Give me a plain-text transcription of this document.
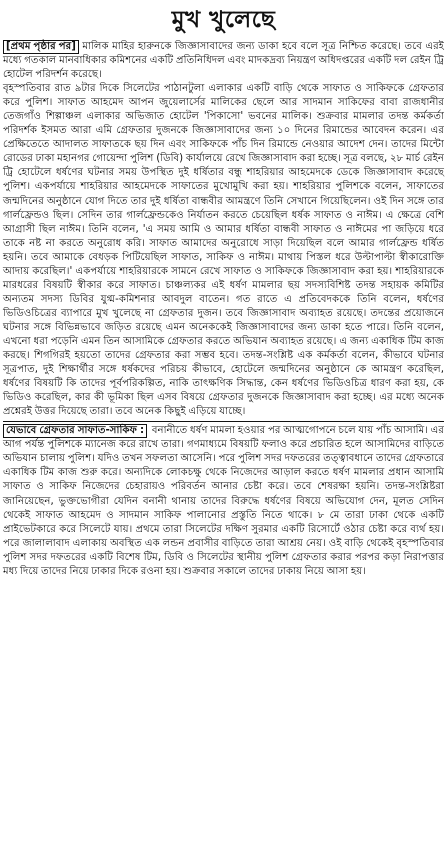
মুখ খুলেছে

[প্রথম পৃষ্ঠার পর] মালিক মাহির হারুনকে জিজ্ঞাসাবাদের জন্য ডাকা হবে বলে সূত্র নিশ্চিত করেছে। তবে এরই মধ্যে গতকাল মানবাধিকার কমিশনের একটি প্রতিনিধিদল এবং মাদকদ্রব্য নিয়ন্ত্রণ অধিদপ্তরের একটি দল রেইন ট্রি হোটেল পরিদর্শন করেছে।

বৃহস্পতিবার রাত ৯টার দিকে সিলেটের পাঠানটুলা এলাকার একটি বাড়ি থেকে সাফাত ও সাকিফকে গ্রেফতার করে পুলিশ। সাফাত আহমেদ আপন জুয়েলার্সের মালিকের ছেলে আর সাদমান সাকিফের বাবা রাজধানীর তেজগাঁও শিল্পাঞ্চল এলাকার অভিজাত হোটেল 'পিকাসো' ভবনের মালিক। শুক্রবার মামলার তদন্ত কর্মকর্তা পরিদর্শক ইসমত আরা এমি গ্রেফতার দুজনকে জিজ্ঞাসাবাদের জন্য ১০ দিনের রিমান্ডের আবেদন করেন। এর প্রেক্ষিতেতে আদালত সাফাতকে ছয় দিন এবং সাকিফকে পাঁচ দিন রিমান্ডে নেওয়ার আদেশ দেন। তাদের মিন্টো রোডের ঢাকা মহানগর গোয়েন্দা পুলিশ (ডিবি) কার্যালয়ে রেখে জিজ্ঞাসাবাদ করা হচ্ছে। সূত্র বলছে, ২৮ মার্চ রেইন ট্রি হোটেলে ধর্ষণের ঘটনার সময় উপস্থিত দুই ধর্ষিতার বন্ধু শাহরিয়ার আহমেদকে ডেকে জিজ্ঞাসাবাদ করেছে পুলিশ। একপর্যায়ে শাহরিয়ার আহমেদকে সাফাতের মুখোমুখি করা হয়। শাহরিয়ার পুলিশকে বলেন, সাফাতের জন্মদিনের অনুষ্ঠানে যোগ দিতে তার দুই ধর্ষিতা বান্ধবীর আমন্ত্রণে তিনি সেখানে গিয়েছিলেন। ওই দিন সঙ্গে তার গার্লফ্রেন্ডও ছিল। সেদিন তার গার্লফ্রেন্ডকেও নির্যাতন করতে চেয়েছিল ধর্ষক সাফাত ও নাঈম। এ ক্ষেত্রে বেশি আগ্রাসী ছিল নাঈম। তিনি বলেন, 'এ সময় আমি ও আমার ধর্ষিতা বান্ধবী সাফাত ও নাঈমের পা জড়িয়ে ধরে তাকে নষ্ট না করতে অনুরোধ করি। সাফাত আমাদের অনুরোধে সাড়া দিয়েছিল বলে আমার গার্লফ্রেন্ড ধর্ষিত হয়নি। তবে আমাকে বেধড়ক পিটিয়েছিল সাফাত, সাকিফ ও নাঈম। মাথায় পিস্তল ধরে উল্টাপাল্টা স্বীকারোক্তি আদায় করেছিল।' একপর্যায়ে শাহরিয়ারকে সামনে রেখে সাফাত ও সাকিফকে জিজ্ঞাসাবাদ করা হয়। শাহরিয়ারকে মারধরের বিষয়টি স্বীকার করে সাফাত। চাঞ্চল্যকর এই ধর্ষণ মামলার ছয় সদস্যবিশিষ্ট তদন্ত সহায়ক কমিটির অন্যতম সদস্য ডিবির যুগ্ম-কমিশনার আবদুল বাতেন। গত রাতে এ প্রতিবেদককে তিনি বলেন, ধর্ষণের ভিডিওচিত্রের ব্যাপারে মুখ খুলেছে না গ্রেফতার দুজন। তবে জিজ্ঞাসাবাদ অব্যাহত রয়েছে। তদন্তের প্রয়োজনে ঘটনার সঙ্গে বিভিন্নভাবে জড়িত রয়েছে এমন অনেককেই জিজ্ঞাসাবাদের জন্য ডাকা হতে পারে। তিনি বলেন, এখনো ধরা পড়েনি এমন তিন আসামিকে গ্রেফতার করতে অভিযান অব্যাহত রয়েছে। এ জন্য একাধিক টিম কাজ করছে। শিগগিরই হয়তো তাদের গ্রেফতার করা সম্ভব হবে। তদন্ত-সংশ্লিষ্ট এক কর্মকর্তা বলেন, কীভাবে ঘটনার সূত্রপাত, দুই শিক্ষার্থীর সঙ্গে ধর্ষকদের পরিচয় কীভাবে, হোটেলে জন্মদিনের অনুষ্ঠানে কে আমন্ত্রণ করেছিল, ধর্ষণের বিষয়টি কি তাদের পূর্বপরিকল্পিত, নাকি তাৎক্ষণিক সিদ্ধান্ত, কেন ধর্ষণের ভিডিওচিত্র ধারণ করা হয়, কে ভিডিও করেছিল, কার কী ভূমিকা ছিল এসব বিষয়ে গ্রেফতার দুজনকে জিজ্ঞাসাবাদ করা হচ্ছে। এর মধ্যে অনেক প্রশ্নেরই উত্তর দিয়েছে তারা। তবে অনেক কিছুই এড়িয়ে যাচ্ছে।

যেভাবে গ্রেফতার সাফাত-সাকিফ : বনানীতে ধর্ষণ মামলা হওয়ার পর আত্মগোপনে চলে যায় পাঁচ আসামি। এর আগ পর্যন্ত পুলিশকে ম্যানেজ করে রাখে তারা। গণমাধ্যমে বিষয়টি ফলাও করে প্রচারিত হলে আসামিদের বাড়িতে অভিযান চালায় পুলিশ। যদিও তখন সফলতা আসেনি। পরে পুলিশ সদর দফতরের তত্ত্বাবধানে তাদের গ্রেফতারে একাধিক টিম কাজ শুরু করে। অন্যদিকে লোকচক্ষু থেকে নিজেদের আড়াল করতে ধর্ষণ মামলার প্রধান আসামি সাফাত ও সাকিফ নিজেদের চেহারায়ও পরিবর্তন আনার চেষ্টা করে। তবে শেষরক্ষা হয়নি। তদন্ত-সংশ্লিষ্টরা জানিয়েছেন, ভুক্তভোগীরা যেদিন বনানী থানায় তাদের বিরুদ্ধে ধর্ষণের বিষয়ে অভিযোগ দেন, মূলত সেদিন থেকেই সাফাত আহমেদ ও সাদমান সাকিফ পালানোর প্রস্তুতি নিতে থাকে। ৮ মে তারা ঢাকা থেকে একটি প্রাইভেটকারে করে সিলেটে যায়। প্রথমে তারা সিলেটের দক্ষিণ সুরমার একটি রিসোর্টে ওঠার চেষ্টা করে ব্যর্থ হয়। পরে জালালাবাদ এলাকায় অবস্থিত এক লন্ডন প্রবাসীর বাড়িতে তারা আশ্রয় নেয়। ওই বাড়ি থেকেই বৃহস্পতিবার পুলিশ সদর দফতরের একটি বিশেষ টিম, ডিবি ও সিলেটের স্থানীয় পুলিশ গ্রেফতার করার পরপর কড়া নিরাপত্তার মধ্য দিয়ে তাদের নিয়ে ঢাকার দিকে রওনা হয়। শুক্রবার সকালে তাদের ঢাকায় নিয়ে আসা হয়।
